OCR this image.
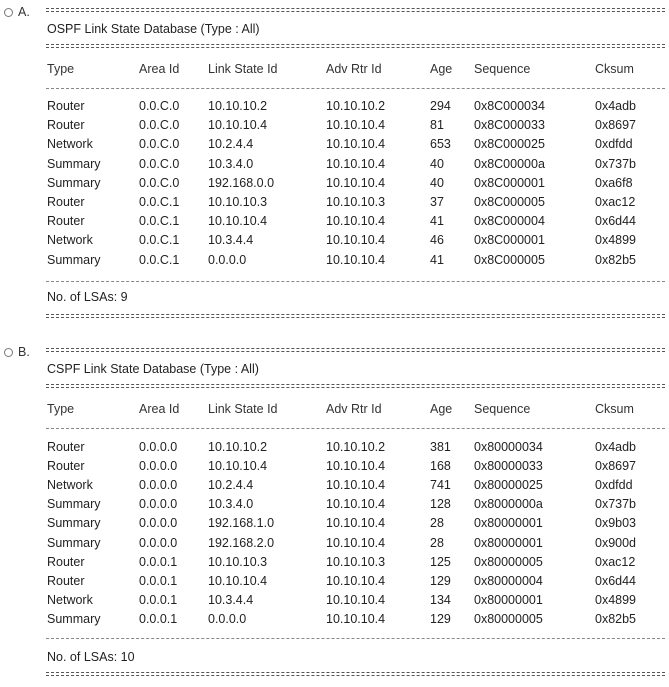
A.
OSPF Link State Database (Type : All)
Type	Area Id Link State Id	Adv Rtr Id	Age Sequence	Cksum
Router	0.0.C.0 10.10.10.2	10.10.10.2	294 0x8C000034	0x4adb
Router	0.0.C.0 10.10.10.4	10.10.10.4	81 0x8C000033	0x8697
Network	0.0.C.0 10.2.4.4	10.10.10.4	653 0x8C000025	0xdfdd
Summary	0.0.C.0 10.3.4.0	10.10.10.4	40 0x8C00000a	0x737b
Summary	0.0.C.0 192.168.0.0	10.10.10.4	40 0x8C000001	0xa6f8
Router	0.0.C.1 10.10.10.3	10.10.10.3	37 0x8C000005	0xac12
Router	0.0.C.1 10.10.10.4	10.10.10.4	41 0x8C000004	0x6d44
Network	0.0.C.1 10.3.4.4	10.10.10.4	46 0x8C000001	0x4899
Summary	0.0.C.1 0.0.0.0	10.10.10.4	41 0x8C000005	0x82b5
No. of LSAs: 9
B.
CSPF Link State Database (Type : All)
Type	Area Id Link State Id	Adv Rtr Id	Age Sequence	Cksum
Router	0.0.0.0 10.10.10.2	10.10.10.2	381 0x80000034	0x4adb
Router	0.0.0.0 10.10.10.4	10.10.10.4	168 0x80000033	0x8697
Network	0.0.0.0 10.2.4.4	10.10.10.4	741 0x80000025	0xdfdd
Summary	0.0.0.0 10.3.4.0	10.10.10.4	128 0x8000000a	0x737b
Summary	0.0.0.0 192.168.1.0	10.10.10.4	28 0x80000001	0x9b03
Summary	0.0.0.0 192.168.2.0	10.10.10.4	28 0x80000001	0x900d
Router	0.0.0.1 10.10.10.3	10.10.10.3	125 0x80000005	0xac12
Router	0.0.0.1 10.10.10.4	10.10.10.4	129 0x80000004	0x6d44
Network	0.0.0.1 10.3.4.4	10.10.10.4	134 0x80000001	0x4899
Summary	0.0.0.1 0.0.0.0	10.10.10.4	129 0x80000005	0x82b5
No. of LSAs: 10
